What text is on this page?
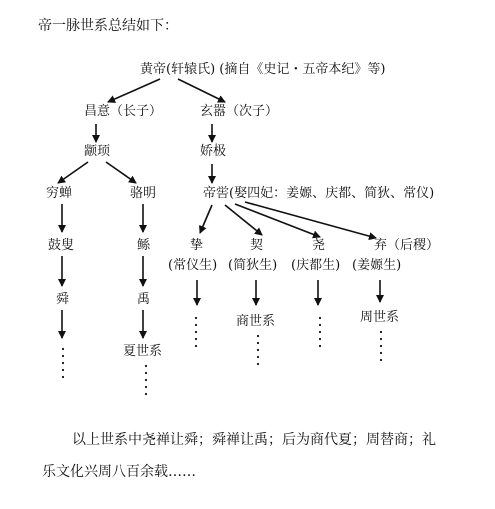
帝一脉世系总结如下：
黄帝(轩辕氏) (摘自《史记・五帝本纪》等)
昌意（长子）	玄嚣（次子）
颛顼	娇极
穷蝉	骆明	帝喾(娶四妃：姜嫄、庆都、简狄、常仪)
鼓叟
舜
鲧
禹
夏世系
挚
(常仪生)
契
(简狄生)
尧
(庆都生)
弃（后稷）
(姜嫄生)
商世系	周世系
以上世系中尧禅让舜；舜禅让禹；后为商代夏；周替商；礼
乐文化兴周八百余载……
